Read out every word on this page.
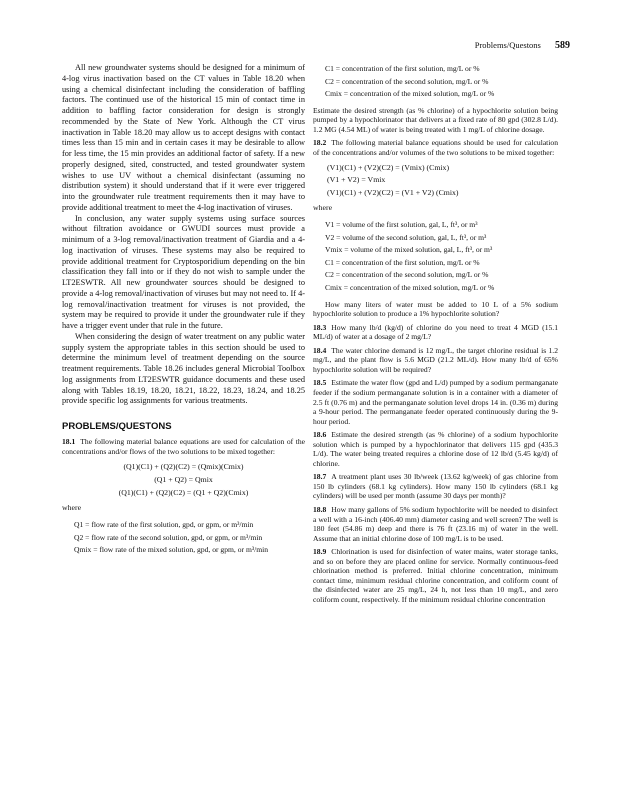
Problems/Questons 589

All new groundwater systems should be designed for a minimum of 4-log virus inactivation based on the CT values in Table 18.20 when using a chemical disinfectant including the consideration of baffling factors. The continued use of the historical 15 min of contact time in addition to baffling factor consideration for design is strongly recommended by the State of New York. Although the CT virus inactivation in Table 18.20 may allow us to accept designs with contact times less than 15 min and in certain cases it may be desirable to allow for less time, the 15 min provides an additional factor of safety. If a new properly designed, sited, constructed, and tested groundwater system wishes to use UV without a chemical disinfectant (assuming no distribution system) it should understand that if it were ever triggered into the groundwater rule treatment requirements then it may have to provide additional treatment to meet the 4-log inactivation of viruses.

In conclusion, any water supply systems using surface sources without filtration avoidance or GWUDI sources must provide a minimum of a 3-log removal/inactivation treatment of Giardia and a 4-log inactivation of viruses. These systems may also be required to provide additional treatment for Cryptosporidium depending on the bin classification they fall into or if they do not wish to sample under the LT2ESWTR. All new groundwater sources should be designed to provide a 4-log removal/inactivation of viruses but may not need to. If 4-log removal/inactivation treatment for viruses is not provided, the system may be required to provide it under the groundwater rule if they have a trigger event under that rule in the future.

When considering the design of water treatment on any public water supply system the appropriate tables in this section should be used to determine the minimum level of treatment depending on the source treatment requirements. Table 18.26 includes general Microbial Toolbox log assignments from LT2ESWTR guidance documents and these used along with Tables 18.19, 18.20, 18.21, 18.22, 18.23, 18.24, and 18.25 provide specific log assignments for various treatments.

PROBLEMS/QUESTONS

18.1 The following material balance equations are used for calculation of the concentrations and/or flows of the two solutions to be mixed together:

(Q1)(C1) + (Q2)(C2) = (Qmix)(Cmix)

(Q1 + Q2) = Qmix

(Q1)(C1) + (Q2)(C2) = (Q1 + Q2)(Cmix)

where

Q1 = flow rate of the first solution, gpd, or gpm, or m³/min

Q2 = flow rate of the second solution, gpd, or gpm, or m³/min

Qmix = flow rate of the mixed solution, gpd, or gpm, or m³/min

C1 = concentration of the first solution, mg/L or %

C2 = concentration of the second solution, mg/L or %

Cmix = concentration of the mixed solution, mg/L or %

Estimate the desired strength (as % chlorine) of a hypochlorite solution being pumped by a hypochlorinator that delivers at a fixed rate of 80 gpd (302.8 L/d). 1.2 MG (4.54 ML) of water is being treated with 1 mg/L of chlorine dosage.

18.2 The following material balance equations should be used for calculation of the concentrations and/or volumes of the two solutions to be mixed together:

(V1)(C1) + (V2)(C2) = (Vmix) (Cmix)

(V1 + V2) = Vmix

(V1)(C1) + (V2)(C2) = (V1 + V2) (Cmix)

where

V1 = volume of the first solution, gal, L, ft³, or m³

V2 = volume of the second solution, gal, L, ft³, or m³

Vmix = volume of the mixed solution, gal, L, ft³, or m³

C1 = concentration of the first solution, mg/L or %

C2 = concentration of the second solution, mg/L or %

Cmix = concentration of the mixed solution, mg/L or %

How many liters of water must be added to 10 L of a 5% sodium hypochlorite solution to produce a 1% hypochlorite solution?

18.3 How many lb/d (kg/d) of chlorine do you need to treat 4 MGD (15.1 ML/d) of water at a dosage of 2 mg/L?

18.4 The water chlorine demand is 12 mg/L, the target chlorine residual is 1.2 mg/L, and the plant flow is 5.6 MGD (21.2 ML/d). How many lb/d of 65% hypochlorite solution will be required?

18.5 Estimate the water flow (gpd and L/d) pumped by a sodium permanganate feeder if the sodium permanganate solution is in a container with a diameter of 2.5 ft (0.76 m) and the permanganate solution level drops 14 in. (0.36 m) during a 9-hour period. The permanganate feeder operated continuously during the 9-hour period.

18.6 Estimate the desired strength (as % chlorine) of a sodium hypochlorite solution which is pumped by a hypochlorinator that delivers 115 gpd (435.3 L/d). The water being treated requires a chlorine dose of 12 lb/d (5.45 kg/d) of chlorine.

18.7 A treatment plant uses 30 lb/week (13.62 kg/week) of gas chlorine from 150 lb cylinders (68.1 kg cylinders). How many 150 lb cylinders (68.1 kg cylinders) will be used per month (assume 30 days per month)?

18.8 How many gallons of 5% sodium hypochlorite will be needed to disinfect a well with a 16-inch (406.40 mm) diameter casing and well screen? The well is 180 feet (54.86 m) deep and there is 76 ft (23.16 m) of water in the well. Assume that an initial chlorine dose of 100 mg/L is to be used.

18.9 Chlorination is used for disinfection of water mains, water storage tanks, and so on before they are placed online for service. Normally continuous-feed chlorination method is preferred. Initial chlorine concentration, minimum contact time, minimum residual chlorine concentration, and coliform count of the disinfected water are 25 mg/L, 24 h, not less than 10 mg/L, and zero coliform count, respectively. If the minimum residual chlorine concentration
